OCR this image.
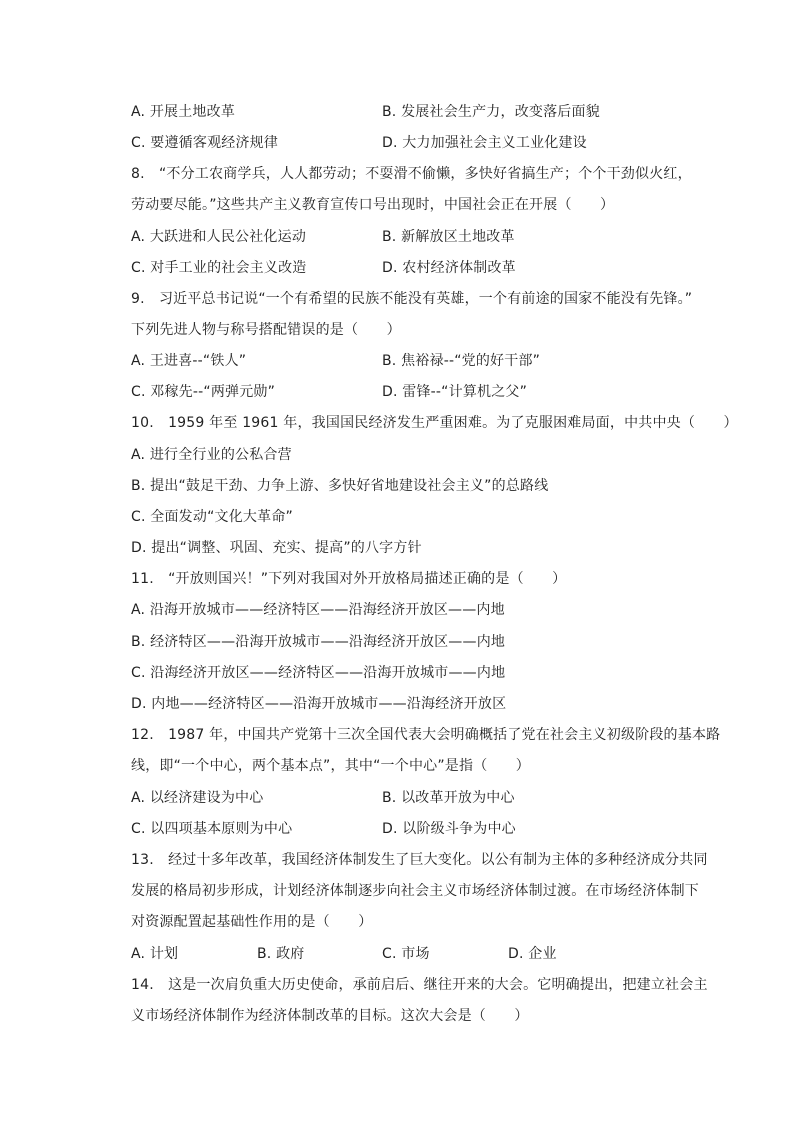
A. 开展土地改革	B. 发展社会生产力，改变落后面貌
C. 要遵循客观经济规律	D. 大力加强社会主义工业化建设
8.　“不分工农商学兵，人人都劳动；不耍滑不偷懒，多快好省搞生产；个个干劲似火红，
劳动要尽能。”这些共产主义教育宣传口号出现时，中国社会正在开展（　　）
A. 大跃进和人民公社化运动	B. 新解放区土地改革
C. 对手工业的社会主义改造	D. 农村经济体制改革
9.　习近平总书记说“一个有希望的民族不能没有英雄，一个有前途的国家不能没有先锋。”
下列先进人物与称号搭配错误的是（　　）
A. 王进喜--“铁人”	B. 焦裕禄--“党的好干部”
C. 邓稼先--“两弹元勋”	D. 雷锋--“计算机之父”
10.　1959 年至 1961 年，我国国民经济发生严重困难。为了克服困难局面，中共中央（　　）
A. 进行全行业的公私合营
B. 提出“鼓足干劲、力争上游、多快好省地建设社会主义”的总路线
C. 全面发动“文化大革命”
D. 提出“调整、巩固、充实、提高”的八字方针
11.　“开放则国兴！”下列对我国对外开放格局描述正确的是（　　）
A. 沿海开放城市——经济特区——沿海经济开放区——内地
B. 经济特区——沿海开放城市——沿海经济开放区——内地
C. 沿海经济开放区——经济特区——沿海开放城市——内地
D. 内地——经济特区——沿海开放城市——沿海经济开放区
12.　1987 年，中国共产党第十三次全国代表大会明确概括了党在社会主义初级阶段的基本路
线，即“一个中心，两个基本点”，其中“一个中心”是指（　　）
A. 以经济建设为中心	B. 以改革开放为中心
C. 以四项基本原则为中心	D. 以阶级斗争为中心
13.　经过十多年改革，我国经济体制发生了巨大变化。以公有制为主体的多种经济成分共同
发展的格局初步形成，计划经济体制逐步向社会主义市场经济体制过渡。在市场经济体制下
对资源配置起基础性作用的是（　　）
A. 计划	B. 政府	C. 市场	D. 企业
14.　这是一次肩负重大历史使命，承前启后、继往开来的大会。它明确提出，把建立社会主
义市场经济体制作为经济体制改革的目标。这次大会是（　　）
